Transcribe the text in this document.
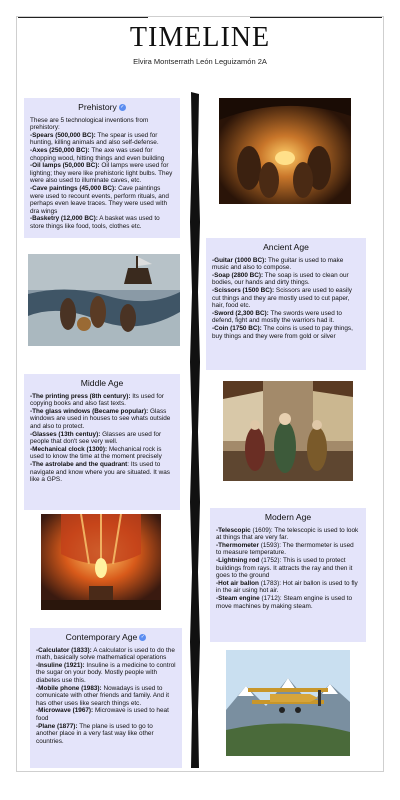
TIMELINE
Elvira Montserrath León Leguizamón 2A
Prehistory ✓

These are 5 technological inventions from prehistory:

-Spears (500,000 BC): The spear is used for hunting, killing animals and also self-defense.

-Axes (250,000 BC): The axe was used for chopping wood, hitting things and even building

-Oil lamps (50,000 BC): Oil lamps were used for lighting; they were like prehistoric light bulbs. They were also used to illuminate caves, etc.

-Cave paintings (45,000 BC): Cave paintings were used to recount events, perform rituals, and perhaps even leave traces. They were used with dra wings

-Basketry (12,000 BC): A basket was used to store things like food, tools, clothes etc.

Ancient Age

-Guitar (1000 BC): The guitar is used to make music and also to compose.

-Soap (2800 BC): The soap is used to clean our bodies, our hands and dirty things.

-Scissors (1500 BC): Scissors are used to easily cut things and they are mostly used to cut paper, hair, food etc.

-Sword (2,300 BC): The swords were used to defend, fight and mostly the warriors had it.

-Coin (1750 BC): The coins is used to pay things, buy things and they were from gold or silver

Middle Age

-The printing press (8th century): Its used for copying books and also fast texts.

-The glass windows (Became popular): Glass windows are used in houses to see whats outside and also to protect.

-Glasses (13th centuy): Glasses are used for people that don't see very well.

-Mechanical clock (1300): Mechanical rock is used to know the time at the moment precisely

-The astrolabe and the quadrant: Its used to navigate and know where you are situated. It was like a GPS.

Modern Age

-Telescopic (1609): The telescopic is used to look at things that are very far.

-Thermometer (1593): The thermometer is used to measure temperature.

-Lightning rod (1752): This is used to protect buildings from rays. It attracts the ray and then it goes to the ground

-Hot air ballon (1783): Hot air ballon is used to fly in the air using hot air.

-Steam engine (1712): Steam engine is used to move machines by making steam.

Contemporary Age ✓

-Calculator (1833): A calculator is used to do the math, basically solve mathematical operations

-Insuline (1921): Insuline is a medicine to control the sugar on your body. Mostly people with diabetes use this.

-Mobile phone (1983): Nowadays is used to comunicate with other friends and family. And it has other uses like search things etc.

-Microwave (1967): Microwave is used to heat food

-Plane (1877): The plane is used to go to another place in a very fast way like other countries.
